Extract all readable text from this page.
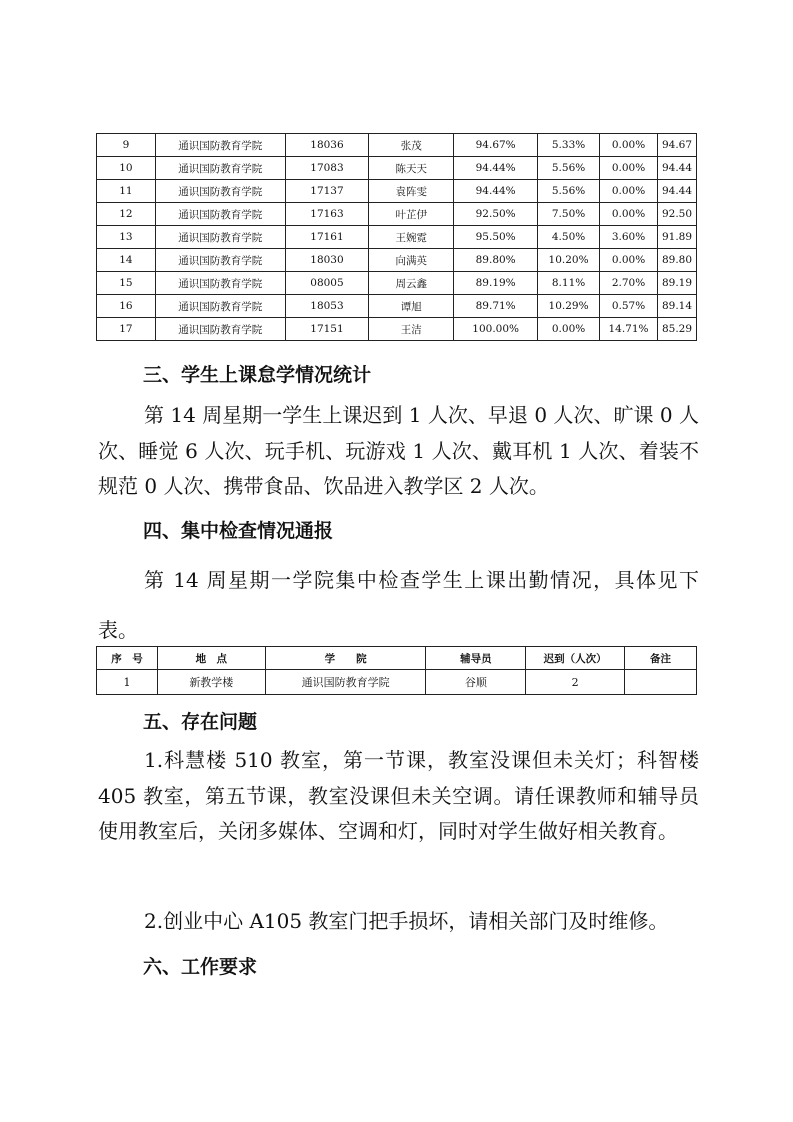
9	通识国防教育学院	18036	张茂	94.67%	5.33%	0.00%	94.67
10	通识国防教育学院	17083	陈天天	94.44%	5.56%	0.00%	94.44
11	通识国防教育学院	17137	袁阵雯	94.44%	5.56%	0.00%	94.44
12	通识国防教育学院	17163	叶芷伊	92.50%	7.50%	0.00%	92.50
13	通识国防教育学院	17161	王婉霓	95.50%	4.50%	3.60%	91.89
14	通识国防教育学院	18030	向满英	89.80%	10.20%	0.00%	89.80
15	通识国防教育学院	08005	周云鑫	89.19%	8.11%	2.70%	89.19
16	通识国防教育学院	18053	谭旭	89.71%	10.29%	0.57%	89.14
17	通识国防教育学院	17151	王洁	100.00%	0.00%	14.71%	85.29
三、学生上课怠学情况统计

第 14 周星期一学生上课迟到 1 人次、早退 0 人次、旷课 0 人次、睡觉 6 人次、玩手机、玩游戏 1 人次、戴耳机 1 人次、着装不规范 0 人次、携带食品、饮品进入教学区 2 人次。

四、集中检查情况通报

第 14 周星期一学院集中检查学生上课出勤情况，具体见下表。

序　号	地　点	学　　院	辅导员	迟到（人次）	备注
1	新教学楼	通识国防教育学院	谷顺	2	
五、存在问题

1.科慧楼 510 教室，第一节课，教室没课但未关灯；科智楼 405 教室，第五节课，教室没课但未关空调。请任课教师和辅导员使用教室后，关闭多媒体、空调和灯，同时对学生做好相关教育。

2.创业中心 A105 教室门把手损坏，请相关部门及时维修。

六、工作要求
